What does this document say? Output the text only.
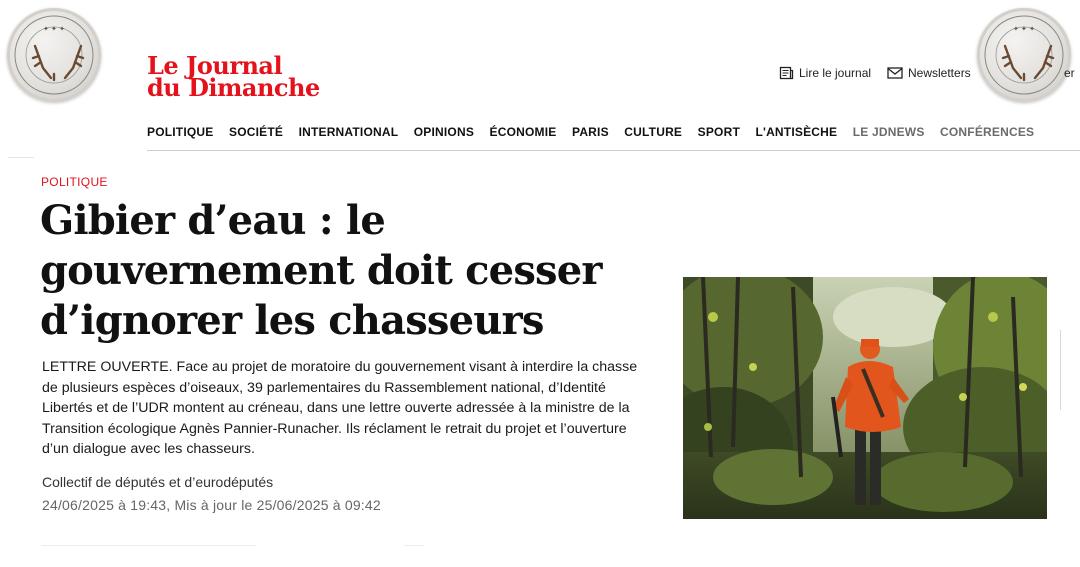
✦ ✦ ✦	✦ ✦ ✦
Le Journal
du Dimanche	Lire le journal	Newsletters	er
POLITIQUE SOCIÉTÉ INTERNATIONAL OPINIONS ÉCONOMIE PARIS CULTURE SPORT L'ANTISÈCHE LE JDNEWS CONFÉRENCES
POLITIQUE
Gibier d’eau : le gouvernement doit cesser d’ignorer les chasseurs

LETTRE OUVERTE. Face au projet de moratoire du gouvernement visant à interdire la chasse de plusieurs espèces d’oiseaux, 39 parlementaires du Rassemblement national, d’Identité Libertés et de l’UDR montent au créneau, dans une lettre ouverte adressée à la ministre de la Transition écologique Agnès Pannier-Runacher. Ils réclament le retrait du projet et l’ouverture d’un dialogue avec les chasseurs.

Collectif de députés et d’eurodéputés
24/06/2025 à 19:43, Mis à jour le 25/06/2025 à 09:42
